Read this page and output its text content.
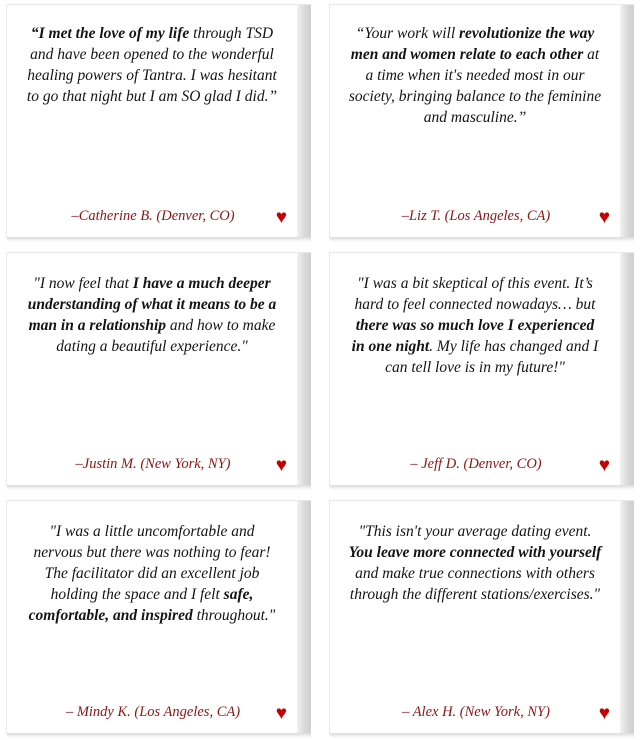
“I met the love of my life through TSD and have been opened to the wonderful healing powers of Tantra. I was hesitant to go that night but I am SO glad I did.”

–Catherine B. (Denver, CO) ♥

“Your work will revolutionize the way men and women relate to each other at a time when it's needed most in our society, bringing balance to the feminine and masculine.”

–Liz T. (Los Angeles, CA)	♥

"I now feel that I have a much deeper understanding of what it means to be a man in a relationship and how to make dating a beautiful experience."

–Justin M. (New York, NY) ♥

"I was a bit skeptical of this event. It’s hard to feel connected nowadays… but there was so much love I experienced in one night. My life has changed and I can tell love is in my future!"

– Jeff D. (Denver, CO)	♥

"I was a little uncomfortable and nervous but there was nothing to fear! The facilitator did an excellent job holding the space and I felt safe, comfortable, and inspired throughout."

– Mindy K. (Los Angeles, CA) ♥

"This isn't your average dating event. You leave more connected with yourself and make true connections with others through the different stations/exercises."

– Alex H. (New York, NY)	♥
